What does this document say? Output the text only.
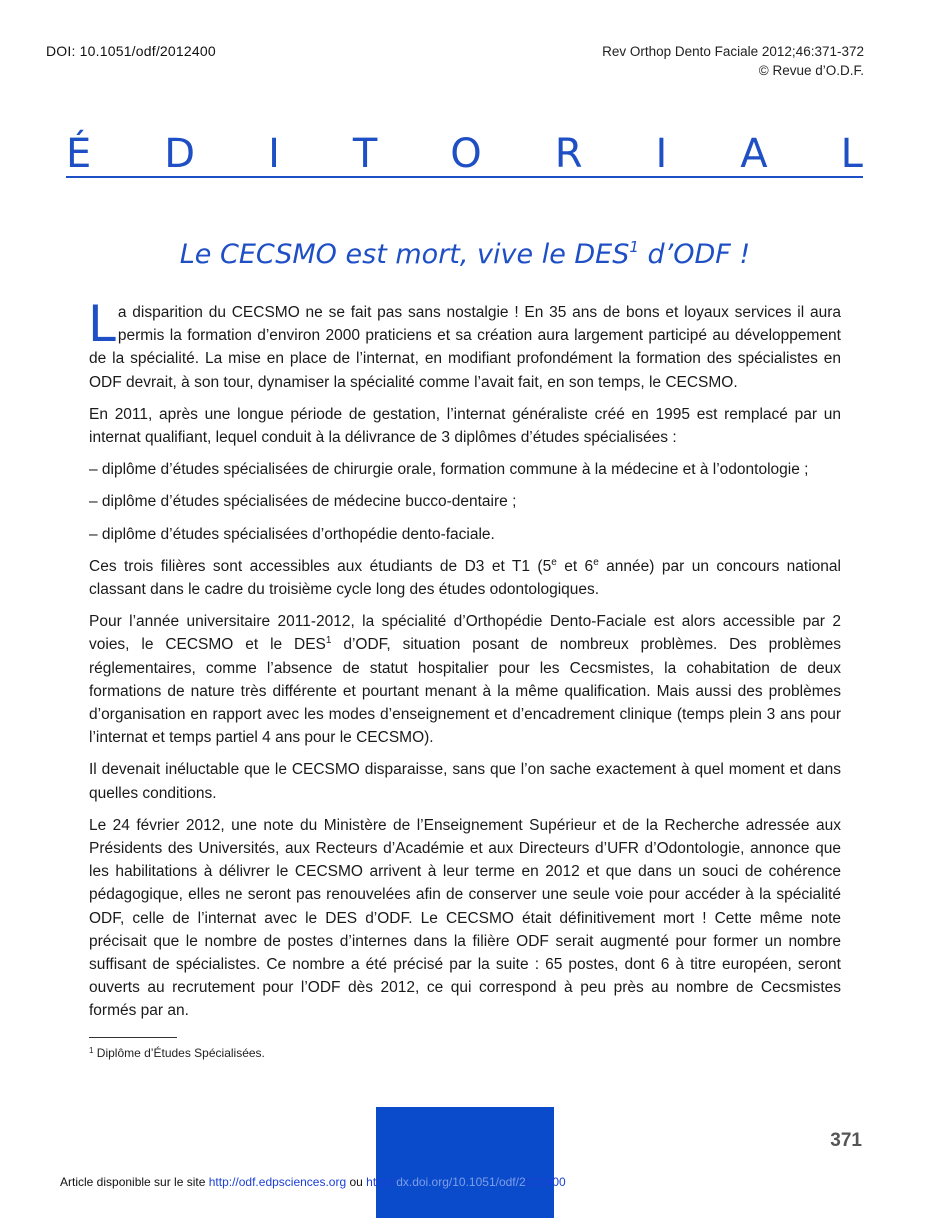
DOI: 10.1051/odf/2012400	Rev Orthop Dento Faciale 2012;46:371-372
© Revue d’O.D.F.
É D I T O R I A L
Le CECSMO est mort, vive le DES$^1$ d’ODF !

La disparition du CECSMO ne se fait pas sans nostalgie ! En 35 ans de bons et loyaux services il aura permis la formation d’environ 2000 praticiens et sa création aura largement participé au développement de la spécialité. La mise en place de l’internat, en modifiant profondément la formation des spécialistes en ODF devrait, à son tour, dynamiser la spécialité comme l’avait fait, en son temps, le CECSMO.

En 2011, après une longue période de gestation, l’internat généraliste créé en 1995 est remplacé par un internat qualifiant, lequel conduit à la délivrance de 3 diplômes d’études spécialisées :

– diplôme d’études spécialisées de chirurgie orale, formation commune à la médecine et à l’odontologie ;

– diplôme d’études spécialisées de médecine bucco-dentaire ;

– diplôme d’études spécialisées d’orthopédie dento-faciale.

Ces trois filières sont accessibles aux étudiants de D3 et T1 (5e et 6e année) par un concours national classant dans le cadre du troisième cycle long des études odontologiques.

Pour l’année universitaire 2011-2012, la spécialité d’Orthopédie Dento-Faciale est alors accessible par 2 voies, le CECSMO et le DES$^1$ d’ODF, situation posant de nombreux problèmes. Des problèmes réglementaires, comme l’absence de statut hospitalier pour les Cecsmistes, la cohabitation de deux formations de nature très différente et pourtant menant à la même qualification. Mais aussi des problèmes d’organisation en rapport avec les modes d’enseignement et d’encadrement clinique (temps plein 3 ans pour l’internat et temps partiel 4 ans pour le CECSMO).

Il devenait inéluctable que le CECSMO disparaisse, sans que l’on sache exactement à quel moment et dans quelles conditions.

Le 24 février 2012, une note du Ministère de l’Enseignement Supérieur et de la Recherche adressée aux Présidents des Universités, aux Recteurs d’Académie et aux Directeurs d’UFR d’Odontologie, annonce que les habilitations à délivrer le CECSMO arrivent à leur terme en 2012 et que dans un souci de cohérence pédagogique, elles ne seront pas renouvelées afin de conserver une seule voie pour accéder à la spécialité ODF, celle de l’internat avec le DES d’ODF. Le CECSMO était définitivement mort ! Cette même note précisait que le nombre de postes d’internes dans la filière ODF serait augmenté pour former un nombre suffisant de spécialistes. Ce nombre a été précisé par la suite : 65 postes, dont 6 à titre européen, seront ouverts au recrutement pour l’ODF dès 2012, ce qui correspond à peu près au nombre de Cecsmistes formés par an.

$^1$ Diplôme d’Études Spécialisées.
371
Article disponible sur le site http://odf.edpsciences.org ou http://dx.doi.org/10.1051/odf/2012400
